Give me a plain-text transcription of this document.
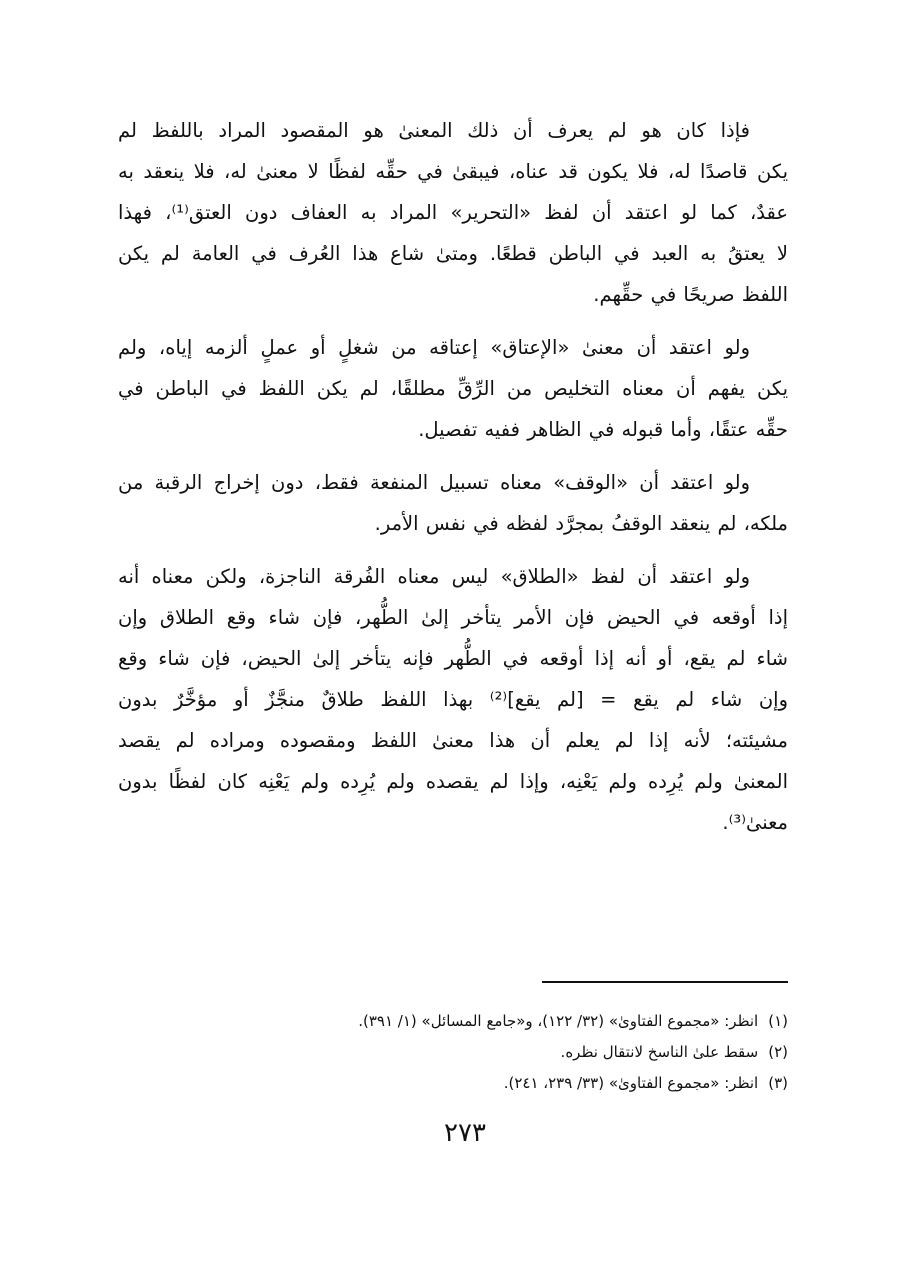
فإذا كان هو لم يعرف أن ذلك المعنىٰ هو المقصود المراد باللفظ لم
يكن قاصدًا له، فلا يكون قد عناه، فيبقىٰ في حقِّه لفظًا لا معنىٰ له، فلا ينعقد به
عقدٌ، كما لو اعتقد أن لفظ «التحرير» المراد به العفاف دون العتق⁽¹⁾، فهذا
لا يعتقُ به العبد في الباطن قطعًا. ومتىٰ شاع هذا العُرف في العامة لم يكن
اللفظ صريحًا في حقِّهم.
ولو اعتقد أن معنىٰ «الإعتاق» إعتاقه من شغلٍ أو عملٍ ألزمه إياه، ولم
يكن يفهم أن معناه التخليص من الرِّقِّ مطلقًا، لم يكن اللفظ في الباطن في
حقِّه عتقًا، وأما قبوله في الظاهر ففيه تفصيل.
ولو اعتقد أن «الوقف» معناه تسبيل المنفعة فقط، دون إخراج الرقبة من
ملكه، لم ينعقد الوقفُ بمجرَّد لفظه في نفس الأمر.
ولو اعتقد أن لفظ «الطلاق» ليس معناه الفُرقة الناجزة، ولكن معناه أنه
إذا أوقعه في الحيض فإن الأمر يتأخر إلىٰ الطُّهر، فإن شاء وقع الطلاق وإن
شاء لم يقع، أو أنه إذا أوقعه في الطُّهر فإنه يتأخر إلىٰ الحيض، فإن شاء وقع
وإن شاء لم يقع = [لم يقع]⁽²⁾ بهذا اللفظ طلاقٌ منجَّزٌ أو مؤخَّرٌ بدون
مشيئته؛ لأنه إذا لم يعلم أن هذا معنىٰ اللفظ ومقصوده ومراده لم يقصد
المعنىٰ ولم يُرِده ولم يَعْنِه، وإذا لم يقصده ولم يُرِده ولم يَعْنِه كان لفظًا بدون
معنىٰ⁽³⁾.
(١)انظر: «مجموع الفتاوىٰ» (٣٢/ ١٢٢)، و«جامع المسائل» (١/ ٣٩١).
(٢)سقط علىٰ الناسخ لانتقال نظره.
(٣)انظر: «مجموع الفتاوىٰ» (٣٣/ ٢٣٩، ٢٤١).
٢٧٣
